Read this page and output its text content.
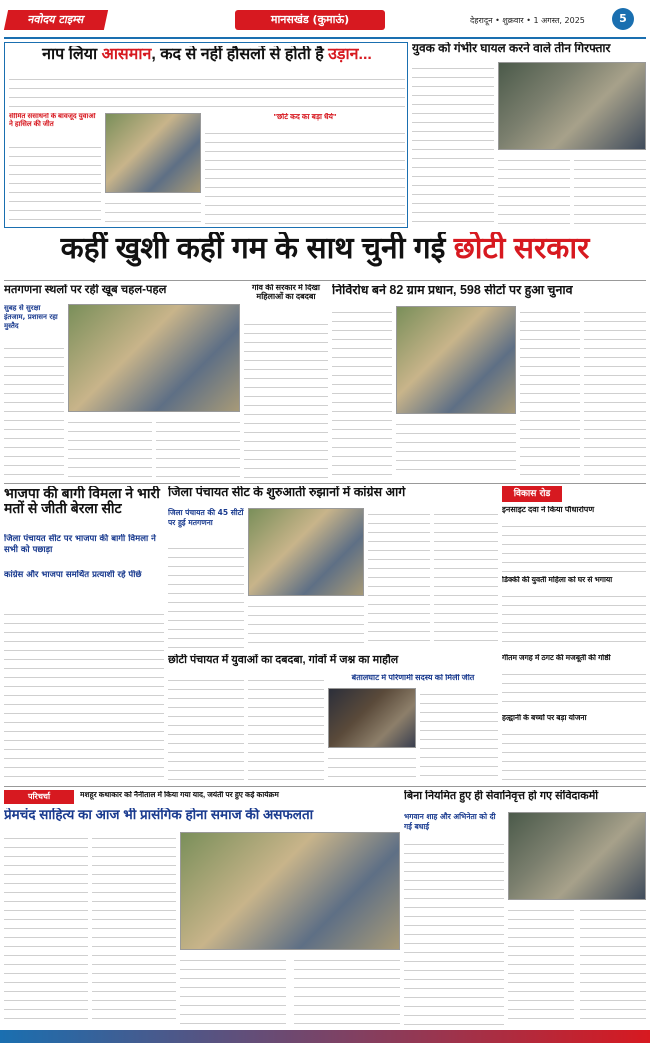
नवोदय टाइम्स	मानसखंड (कुमाऊं)	देहरादून • शुक्रवार • 1 अगस्त, 2025	5
नाप लिया आसमान, कद से नहीं हौसलों से होती है उड़ान...
सीमित संसाधनों के बावजूद युवाओं ने हासिल की जीत
"छोटे कद का बड़ा धैर्य"
युवक को गंभीर घायल करने वाले तीन गिरफ्तार
कहीं खुशी कहीं गम के साथ चुनी गई छोटी सरकार
मतगणना स्थलों पर रही खूब चहल-पहल
सुबह से सुरक्षा इंतजाम, प्रशासन रहा मुस्तैद
गांव की सरकार में दिखा महिलाओं का दबदबा	निर्विरोध बने 82 ग्राम प्रधान, 598 सीटों पर हुआ चुनाव
भाजपा की बागी विमला ने भारी मतों से जीती बेरला सीट
जिला पंचायत सीट पर भाजपा की बागी विमला ने सभी को पछाड़ा
कांग्रेस और भाजपा समर्थित प्रत्याशी रहे पीछे
जिला पंचायत सीट के शुरुआती रुझानों में कांग्रेस आगे
जिला पंचायत की 45 सीटों पर हुई मतगणना
छोटी पंचायत में युवाओं का दबदबा, गांवों में जश्न का माहौल
बेतालघाट में परिणामी सदस्य को मिली जीत
विकास रोड
इनसाइट दवा ने किया पौधारोपण
डिक्की की युवती महिला को घर से भगाया
गीतम जगह में ठगट की मजबूती की गोष्ठी
हल्द्वानी के बच्चों पर बड़ा योजना
परिचर्चा	मशहूर कथाकार को नैनीताल में किया गया याद, जयंती पर हुए कई कार्यक्रम
प्रेमचंद साहित्य का आज भी प्रासंगिक होना समाज की असफलता
बिना नियमित हुए ही सेवानिवृत्त हो गए संविदाकर्मी
भगवान शाह और अभिनेता को दी गई बधाई
